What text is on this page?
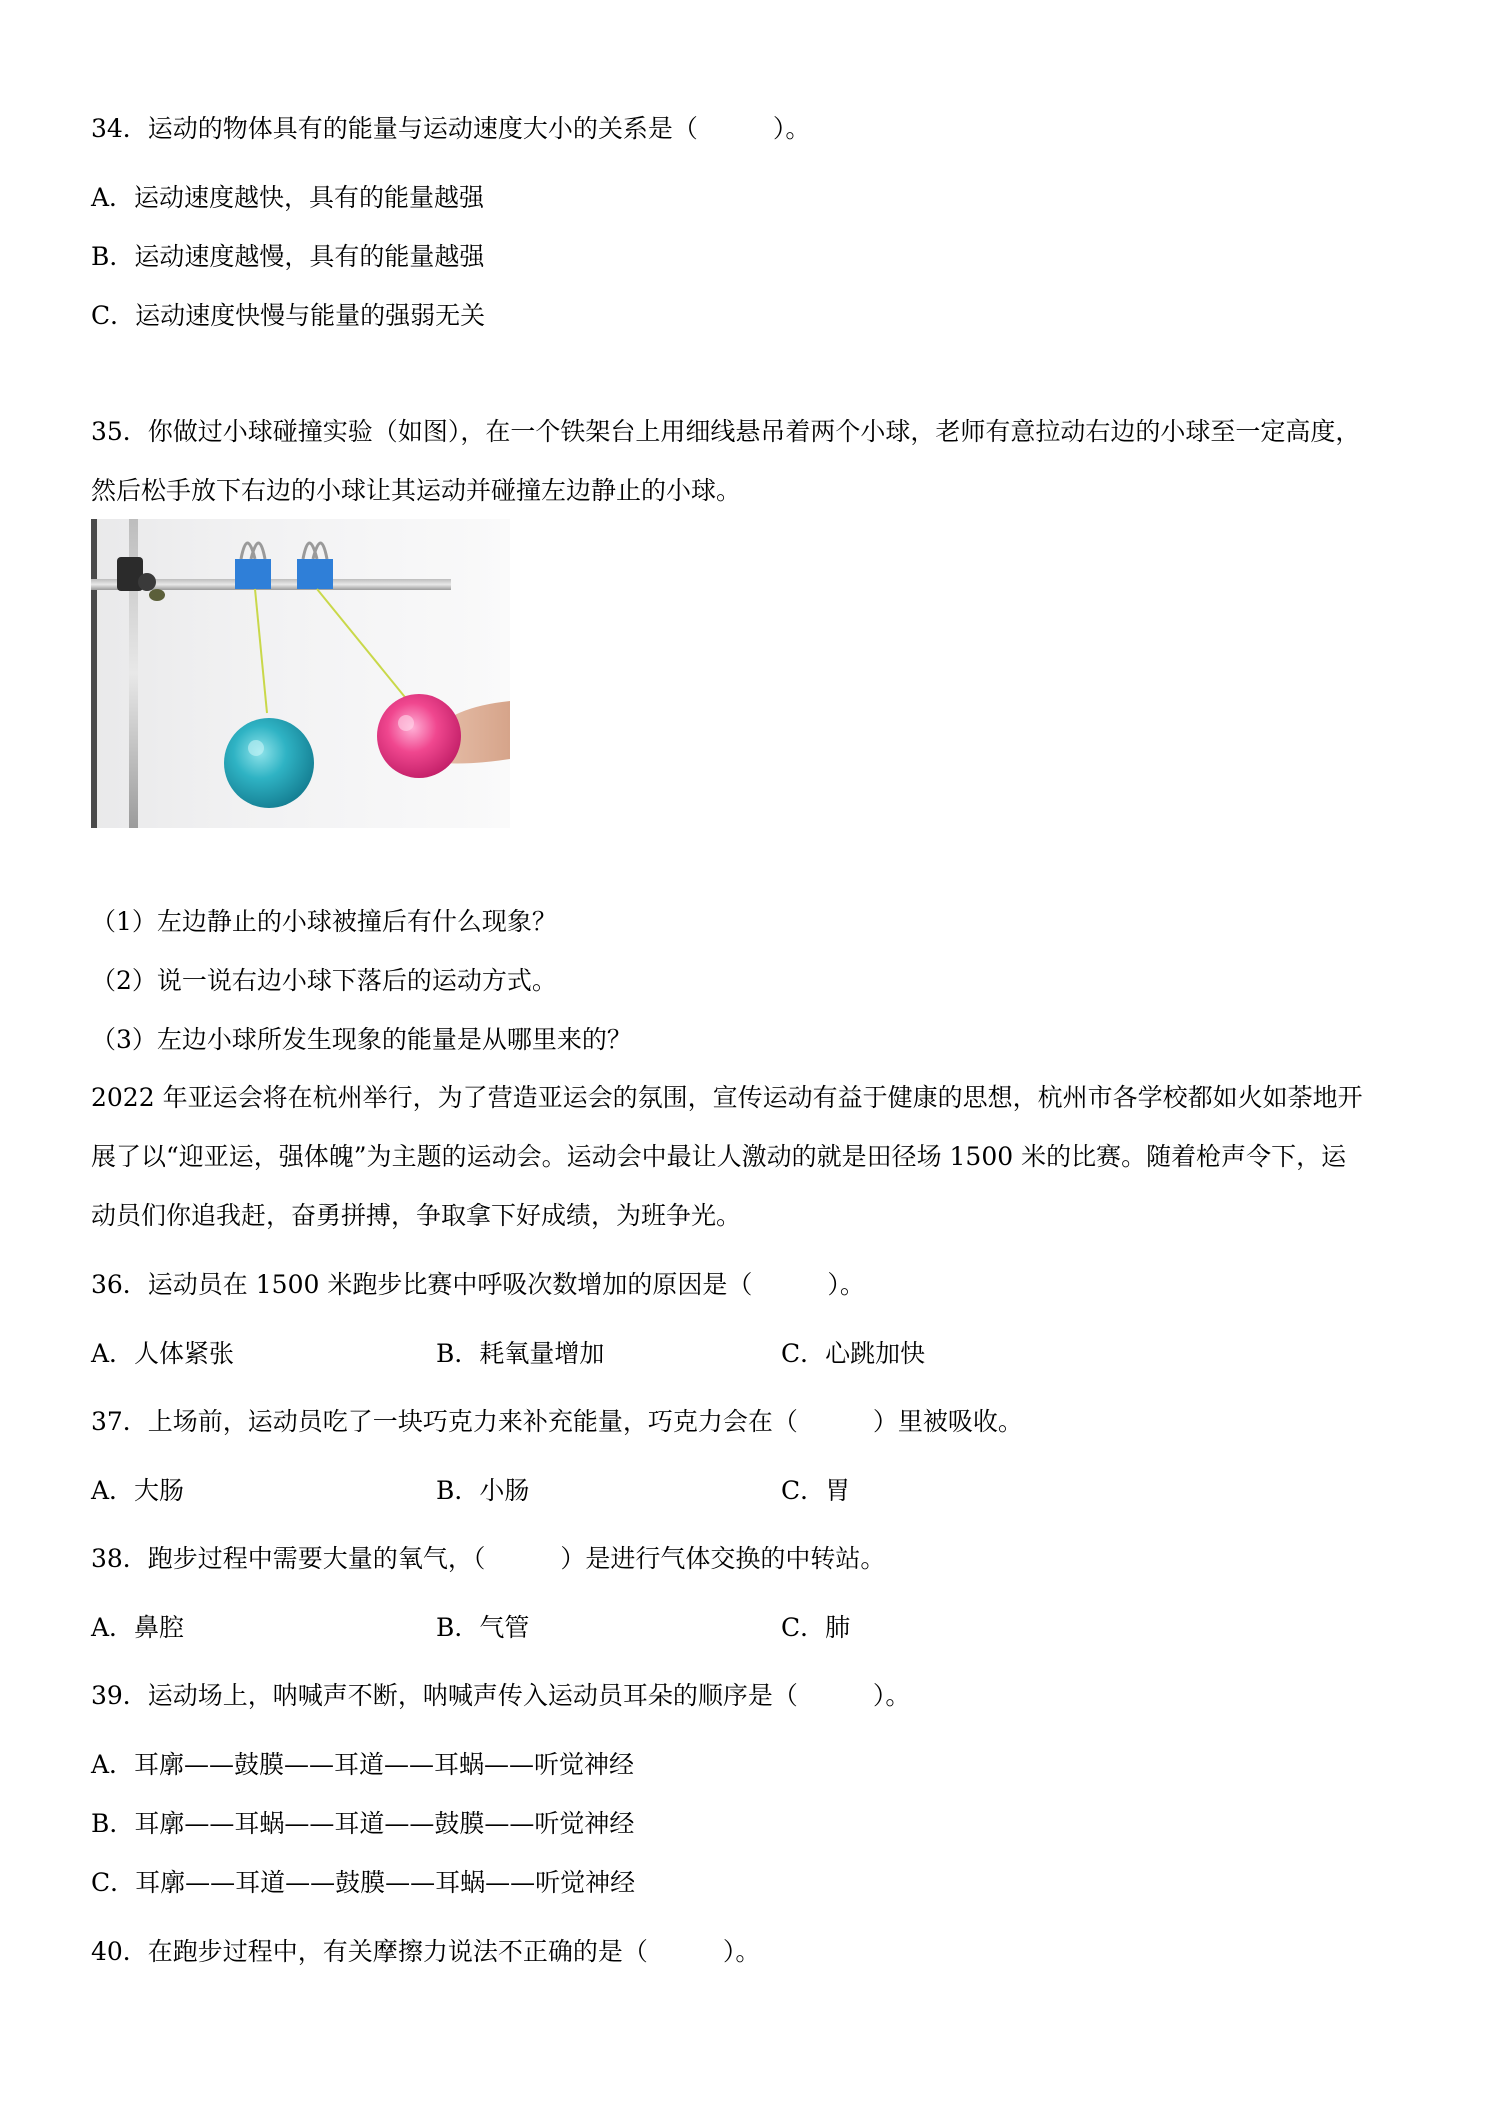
34．运动的物体具有的能量与运动速度大小的关系是（　　　）。
A．运动速度越快，具有的能量越强
B．运动速度越慢，具有的能量越强
C．运动速度快慢与能量的强弱无关
35．你做过小球碰撞实验（如图），在一个铁架台上用细线悬吊着两个小球，老师有意拉动右边的小球至一定高度，
然后松手放下右边的小球让其运动并碰撞左边静止的小球。
（1）左边静止的小球被撞后有什么现象？
（2）说一说右边小球下落后的运动方式。
（3）左边小球所发生现象的能量是从哪里来的？
2022 年亚运会将在杭州举行，为了营造亚运会的氛围，宣传运动有益于健康的思想，杭州市各学校都如火如荼地开
展了以“迎亚运，强体魄”为主题的运动会。运动会中最让人激动的就是田径场 1500 米的比赛。随着枪声令下，运
动员们你追我赶，奋勇拼搏，争取拿下好成绩，为班争光。
36．运动员在 1500 米跑步比赛中呼吸次数增加的原因是（　　　）。
A．人体紧张	B．耗氧量增加	C．心跳加快
37．上场前，运动员吃了一块巧克力来补充能量，巧克力会在（　　　）里被吸收。
A．大肠	B．小肠	C．胃
38．跑步过程中需要大量的氧气，（　　　）是进行气体交换的中转站。
A．鼻腔	B．气管	C．肺
39．运动场上，呐喊声不断，呐喊声传入运动员耳朵的顺序是（　　　）。
A．耳廓——鼓膜——耳道——耳蜗——听觉神经
B．耳廓——耳蜗——耳道——鼓膜——听觉神经
C．耳廓——耳道——鼓膜——耳蜗——听觉神经
40．在跑步过程中，有关摩擦力说法不正确的是（　　　）。
